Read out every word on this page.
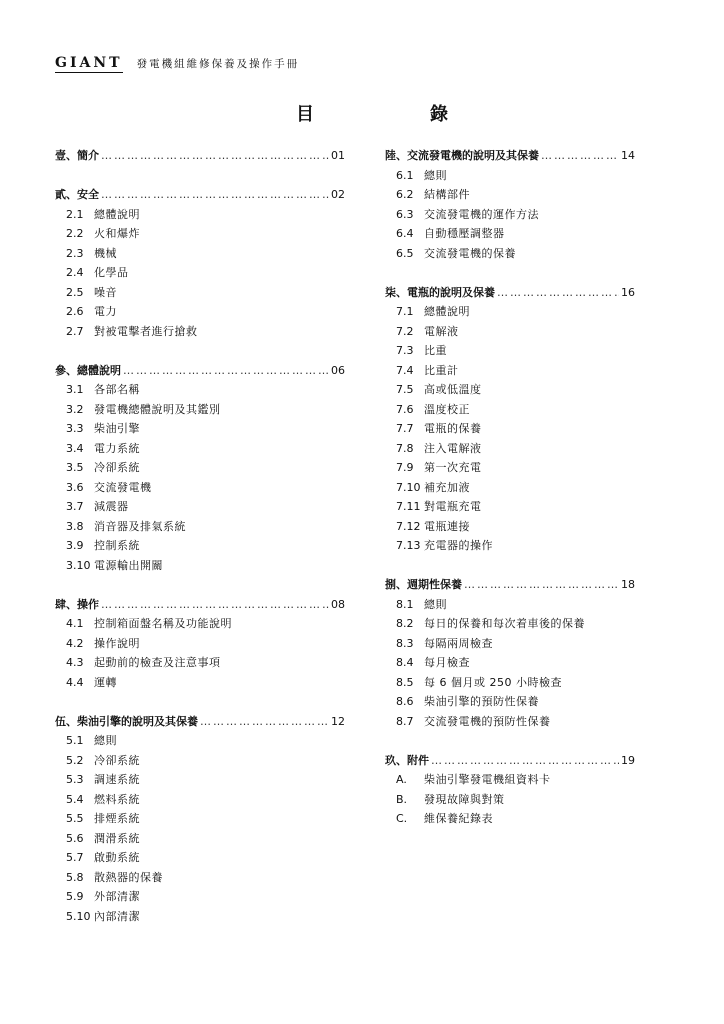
GIANT 發電機組維修保養及操作手冊
目	錄
壹、簡介 …………………………………………………………………………	01
貳、安全 …………………………………………………………………………	02
2.1 總體說明
2.2 火和爆炸
2.3 機械
2.4 化學品
2.5 噪音
2.6 電力
2.7 對被電擊者進行搶救
參、總體說明 …………………………………………………………………………	06
3.1 各部名稱
3.2 發電機總體說明及其鑑別
3.3 柴油引擎
3.4 電力系統
3.5 冷卻系統
3.6 交流發電機
3.7 減震器
3.8 消音器及排氣系統
3.9 控制系統
3.10 電源輸出開關
肆、操作 …………………………………………………………………………	08
4.1 控制箱面盤名稱及功能說明
4.2 操作說明
4.3 起動前的檢查及注意事項
4.4 運轉
伍、柴油引擎的說明及其保養 …………………………………………………………………………	12
5.1 總則
5.2 冷卻系統
5.3 調速系統
5.4 燃料系統
5.5 排煙系統
5.6 潤滑系統
5.7 啟動系統
5.8 散熱器的保養
5.9 外部清潔
5.10 內部清潔
陸、交流發電機的說明及其保養 …………………………………………………………………………	14
6.1 總則
6.2 結構部件
6.3 交流發電機的運作方法
6.4 自動穩壓調整器
6.5 交流發電機的保養
柒、電瓶的說明及保養 …………………………………………………………………………	16
7.1 總體說明
7.2 電解液
7.3 比重
7.4 比重計
7.5 高或低溫度
7.6 溫度校正
7.7 電瓶的保養
7.8 注入電解液
7.9 第一次充電
7.10 補充加液
7.11 對電瓶充電
7.12 電瓶連接
7.13 充電器的操作
捌、週期性保養 …………………………………………………………………………	18
8.1 總則
8.2 每日的保養和每次着車後的保養
8.3 每隔兩周檢查
8.4 每月檢查
8.5 每 6 個月或 250 小時檢查
8.6 柴油引擎的預防性保養
8.7 交流發電機的預防性保養
玖、附件 …………………………………………………………………………	19
A.	柴油引擎發電機組資料卡
B.	發現故障與對策
C.	維保養紀錄表
